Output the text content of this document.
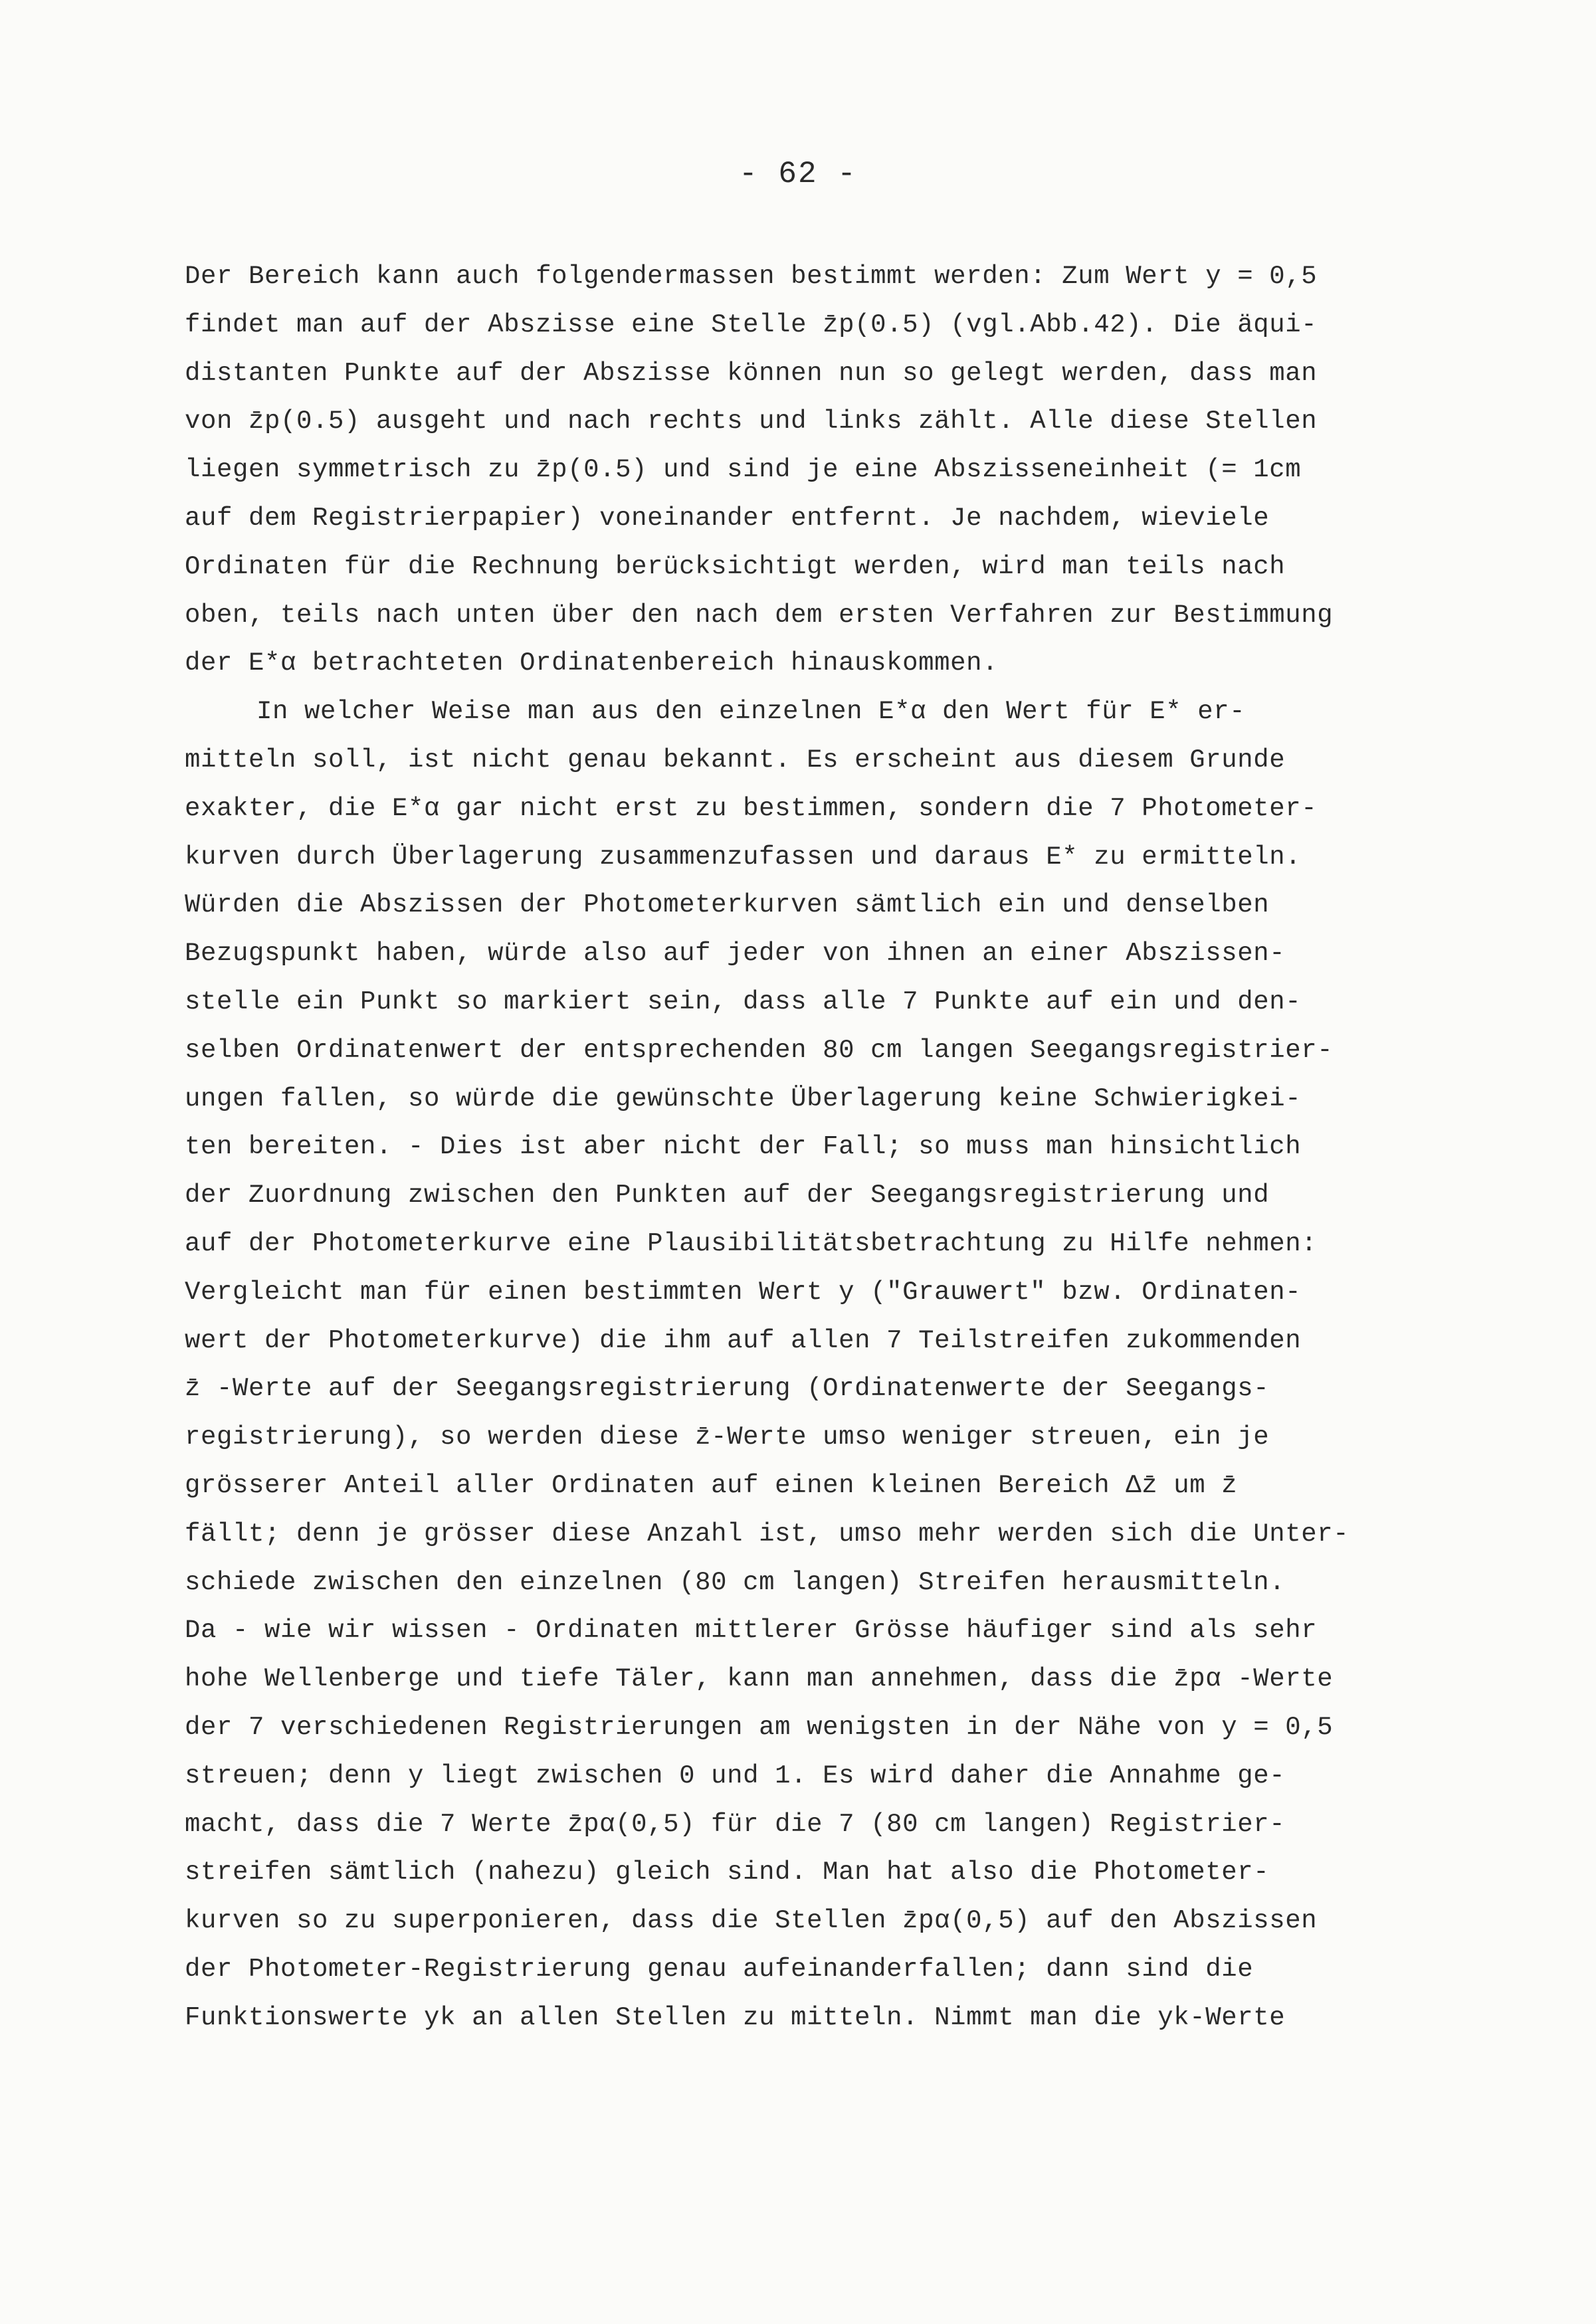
- 62 -
Der Bereich kann auch folgendermassen bestimmt werden: Zum Wert y = 0,5
findet man auf der Abszisse eine Stelle z̄p(0.5) (vgl.Abb.42). Die äqui-
distanten Punkte auf der Abszisse können nun so gelegt werden, dass man
von z̄p(0.5) ausgeht und nach rechts und links zählt. Alle diese Stellen
liegen symmetrisch zu z̄p(0.5) und sind je eine Abszisseneinheit (= 1cm
auf dem Registrierpapier) voneinander entfernt. Je nachdem, wieviele
Ordinaten für die Rechnung berücksichtigt werden, wird man teils nach
oben, teils nach unten über den nach dem ersten Verfahren zur Bestimmung
der E*α betrachteten Ordinatenbereich hinauskommen.
In welcher Weise man aus den einzelnen E*α den Wert für E* er-
mitteln soll, ist nicht genau bekannt. Es erscheint aus diesem Grunde
exakter, die E*α gar nicht erst zu bestimmen, sondern die 7 Photometer-
kurven durch Überlagerung zusammenzufassen und daraus E* zu ermitteln.
Würden die Abszissen der Photometerkurven sämtlich ein und denselben
Bezugspunkt haben, würde also auf jeder von ihnen an einer Abszissen-
stelle ein Punkt so markiert sein, dass alle 7 Punkte auf ein und den-
selben Ordinatenwert der entsprechenden 80 cm langen Seegangsregistrier-
ungen fallen, so würde die gewünschte Überlagerung keine Schwierigkei-
ten bereiten. - Dies ist aber nicht der Fall; so muss man hinsichtlich
der Zuordnung zwischen den Punkten auf der Seegangsregistrierung und
auf der Photometerkurve eine Plausibilitätsbetrachtung zu Hilfe nehmen:
Vergleicht man für einen bestimmten Wert y ("Grauwert" bzw. Ordinaten-
wert der Photometerkurve) die ihm auf allen 7 Teilstreifen zukommenden
z̄ -Werte auf der Seegangsregistrierung (Ordinatenwerte der Seegangs-
registrierung), so werden diese z̄-Werte umso weniger streuen, ein je
grösserer Anteil aller Ordinaten auf einen kleinen Bereich Δz̄ um z̄
fällt; denn je grösser diese Anzahl ist, umso mehr werden sich die Unter-
schiede zwischen den einzelnen (80 cm langen) Streifen herausmitteln.
Da - wie wir wissen - Ordinaten mittlerer Grösse häufiger sind als sehr
hohe Wellenberge und tiefe Täler, kann man annehmen, dass die z̄pα -Werte
der 7 verschiedenen Registrierungen am wenigsten in der Nähe von y = 0,5
streuen; denn y liegt zwischen 0 und 1. Es wird daher die Annahme ge-
macht, dass die 7 Werte z̄pα(0,5) für die 7 (80 cm langen) Registrier-
streifen sämtlich (nahezu) gleich sind. Man hat also die Photometer-
kurven so zu superponieren, dass die Stellen z̄pα(0,5) auf den Abszissen
der Photometer-Registrierung genau aufeinanderfallen; dann sind die
Funktionswerte yk an allen Stellen zu mitteln. Nimmt man die yk-Werte
